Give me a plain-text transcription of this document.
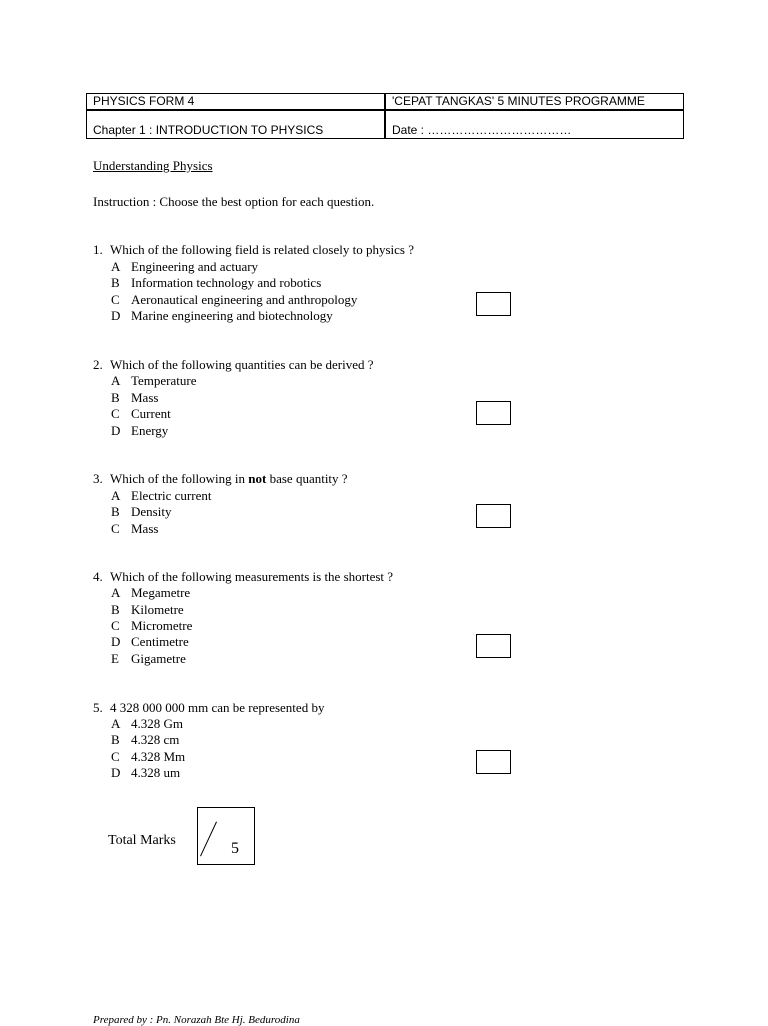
PHYSICS FORM 4	'CEPAT TANGKAS' 5 MINUTES PROGRAMME
Chapter 1 : INTRODUCTION TO PHYSICS	Date : ………………………………
Understanding Physics
Instruction : Choose the best option for each question.
1. Which of the following field is related closely to physics ?
A Engineering and actuary
B Information technology and robotics
C Aeronautical engineering and anthropology
D Marine engineering and biotechnology
2. Which of the following quantities can be derived ?
A Temperature
B Mass
C Current
D Energy
3. Which of the following in not base quantity ?
A Electric current
B Density
C Mass
4. Which of the following measurements is the shortest ?
A Megametre
B Kilometre
C Micrometre
D Centimetre
E Gigametre
5. 4 328 000 000 mm can be represented by
A 4.328 Gm
B 4.328 cm
C 4.328 Mm
D 4.328 um
Total Marks	5
Prepared by : Pn. Norazah Bte Hj. Bedurodina
